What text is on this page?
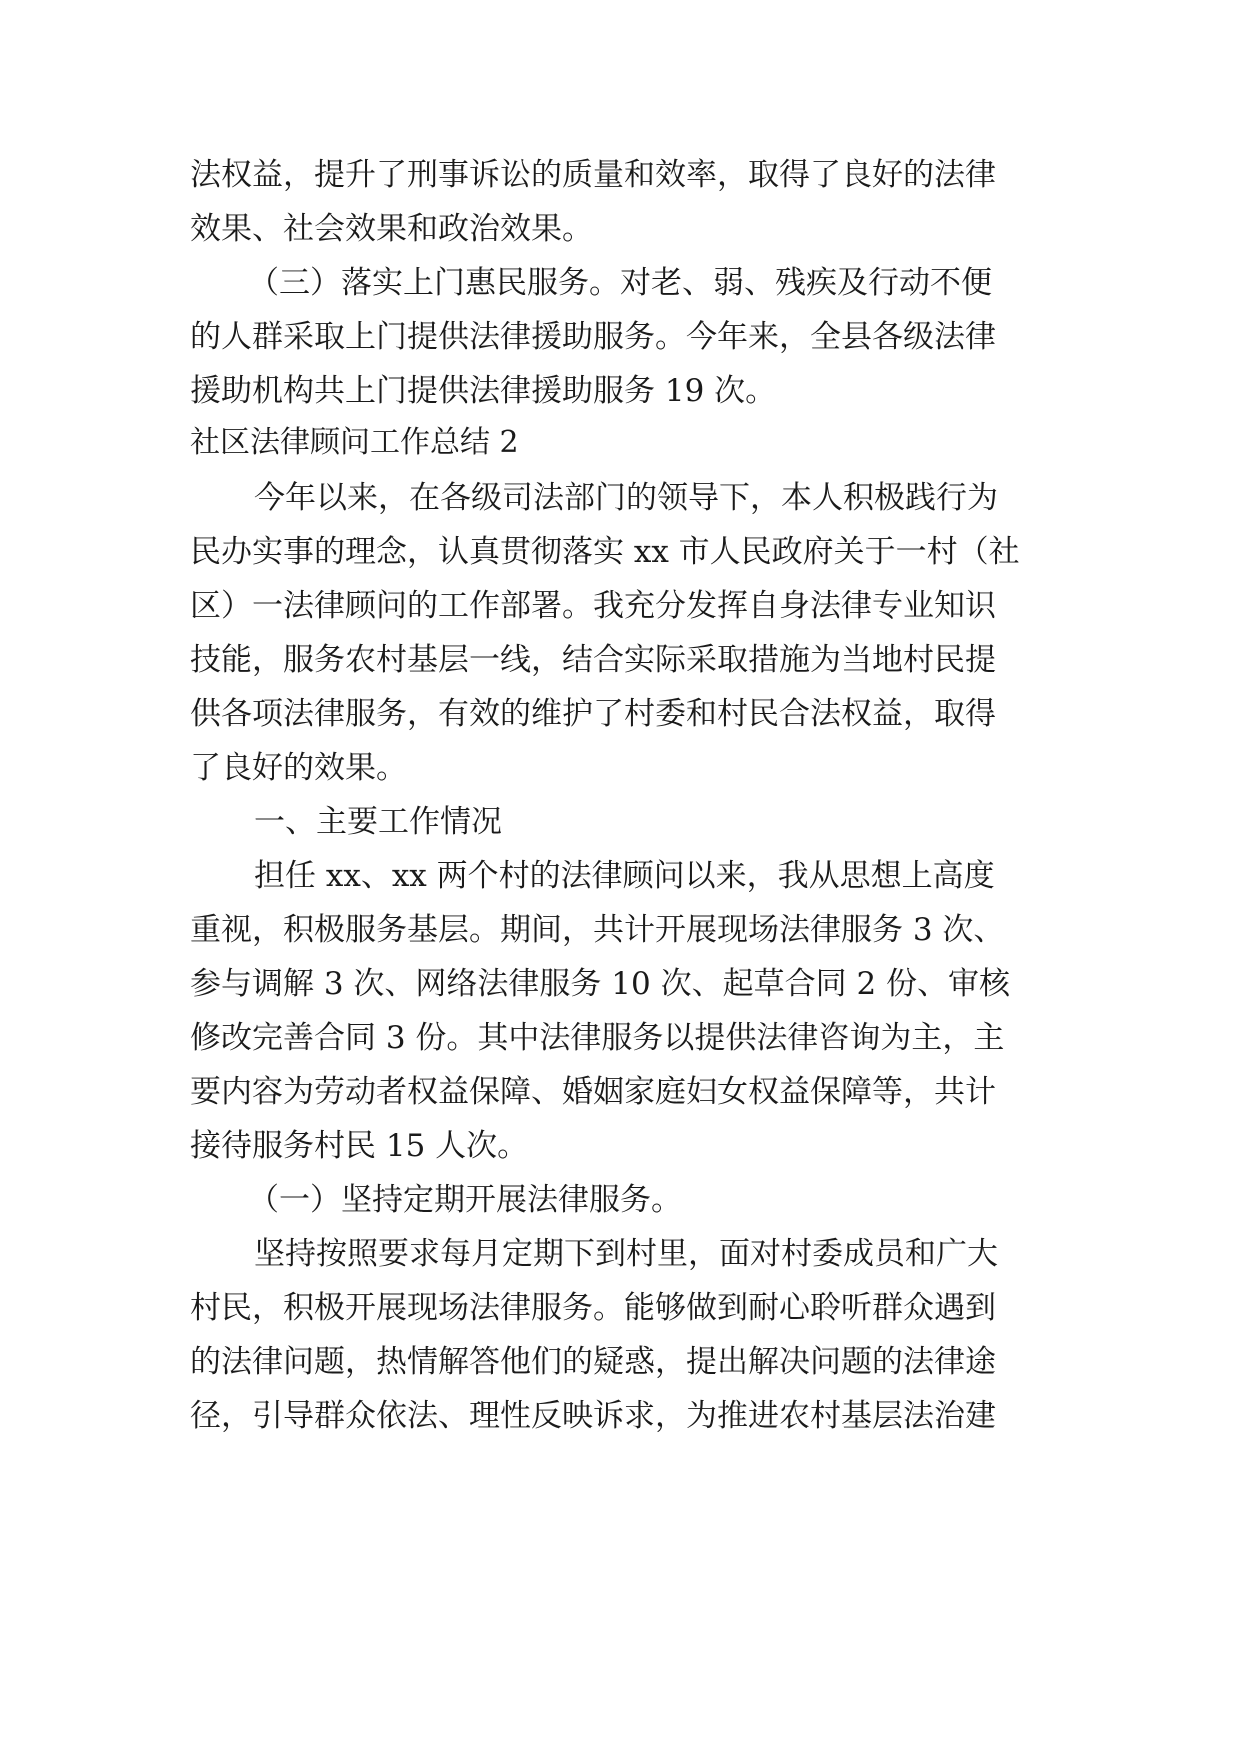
法权益，提升了刑事诉讼的质量和效率，取得了良好的法律
效果、社会效果和政治效果。
（三）落实上门惠民服务。对老、弱、残疾及行动不便
的人群采取上门提供法律援助服务。今年来，全县各级法律
援助机构共上门提供法律援助服务 19 次。
社区法律顾问工作总结 2
今年以来，在各级司法部门的领导下，本人积极践行为
民办实事的理念，认真贯彻落实 xx 市人民政府关于一村（社
区）一法律顾问的工作部署。我充分发挥自身法律专业知识
技能，服务农村基层一线，结合实际采取措施为当地村民提
供各项法律服务，有效的维护了村委和村民合法权益，取得
了良好的效果。
一、主要工作情况
担任 xx、xx 两个村的法律顾问以来，我从思想上高度
重视，积极服务基层。期间，共计开展现场法律服务 3 次、
参与调解 3 次、网络法律服务 10 次、起草合同 2 份、审核
修改完善合同 3 份。其中法律服务以提供法律咨询为主，主
要内容为劳动者权益保障、婚姻家庭妇女权益保障等，共计
接待服务村民 15 人次。
（一）坚持定期开展法律服务。
坚持按照要求每月定期下到村里，面对村委成员和广大
村民，积极开展现场法律服务。能够做到耐心聆听群众遇到
的法律问题，热情解答他们的疑惑，提出解决问题的法律途
径，引导群众依法、理性反映诉求，为推进农村基层法治建
